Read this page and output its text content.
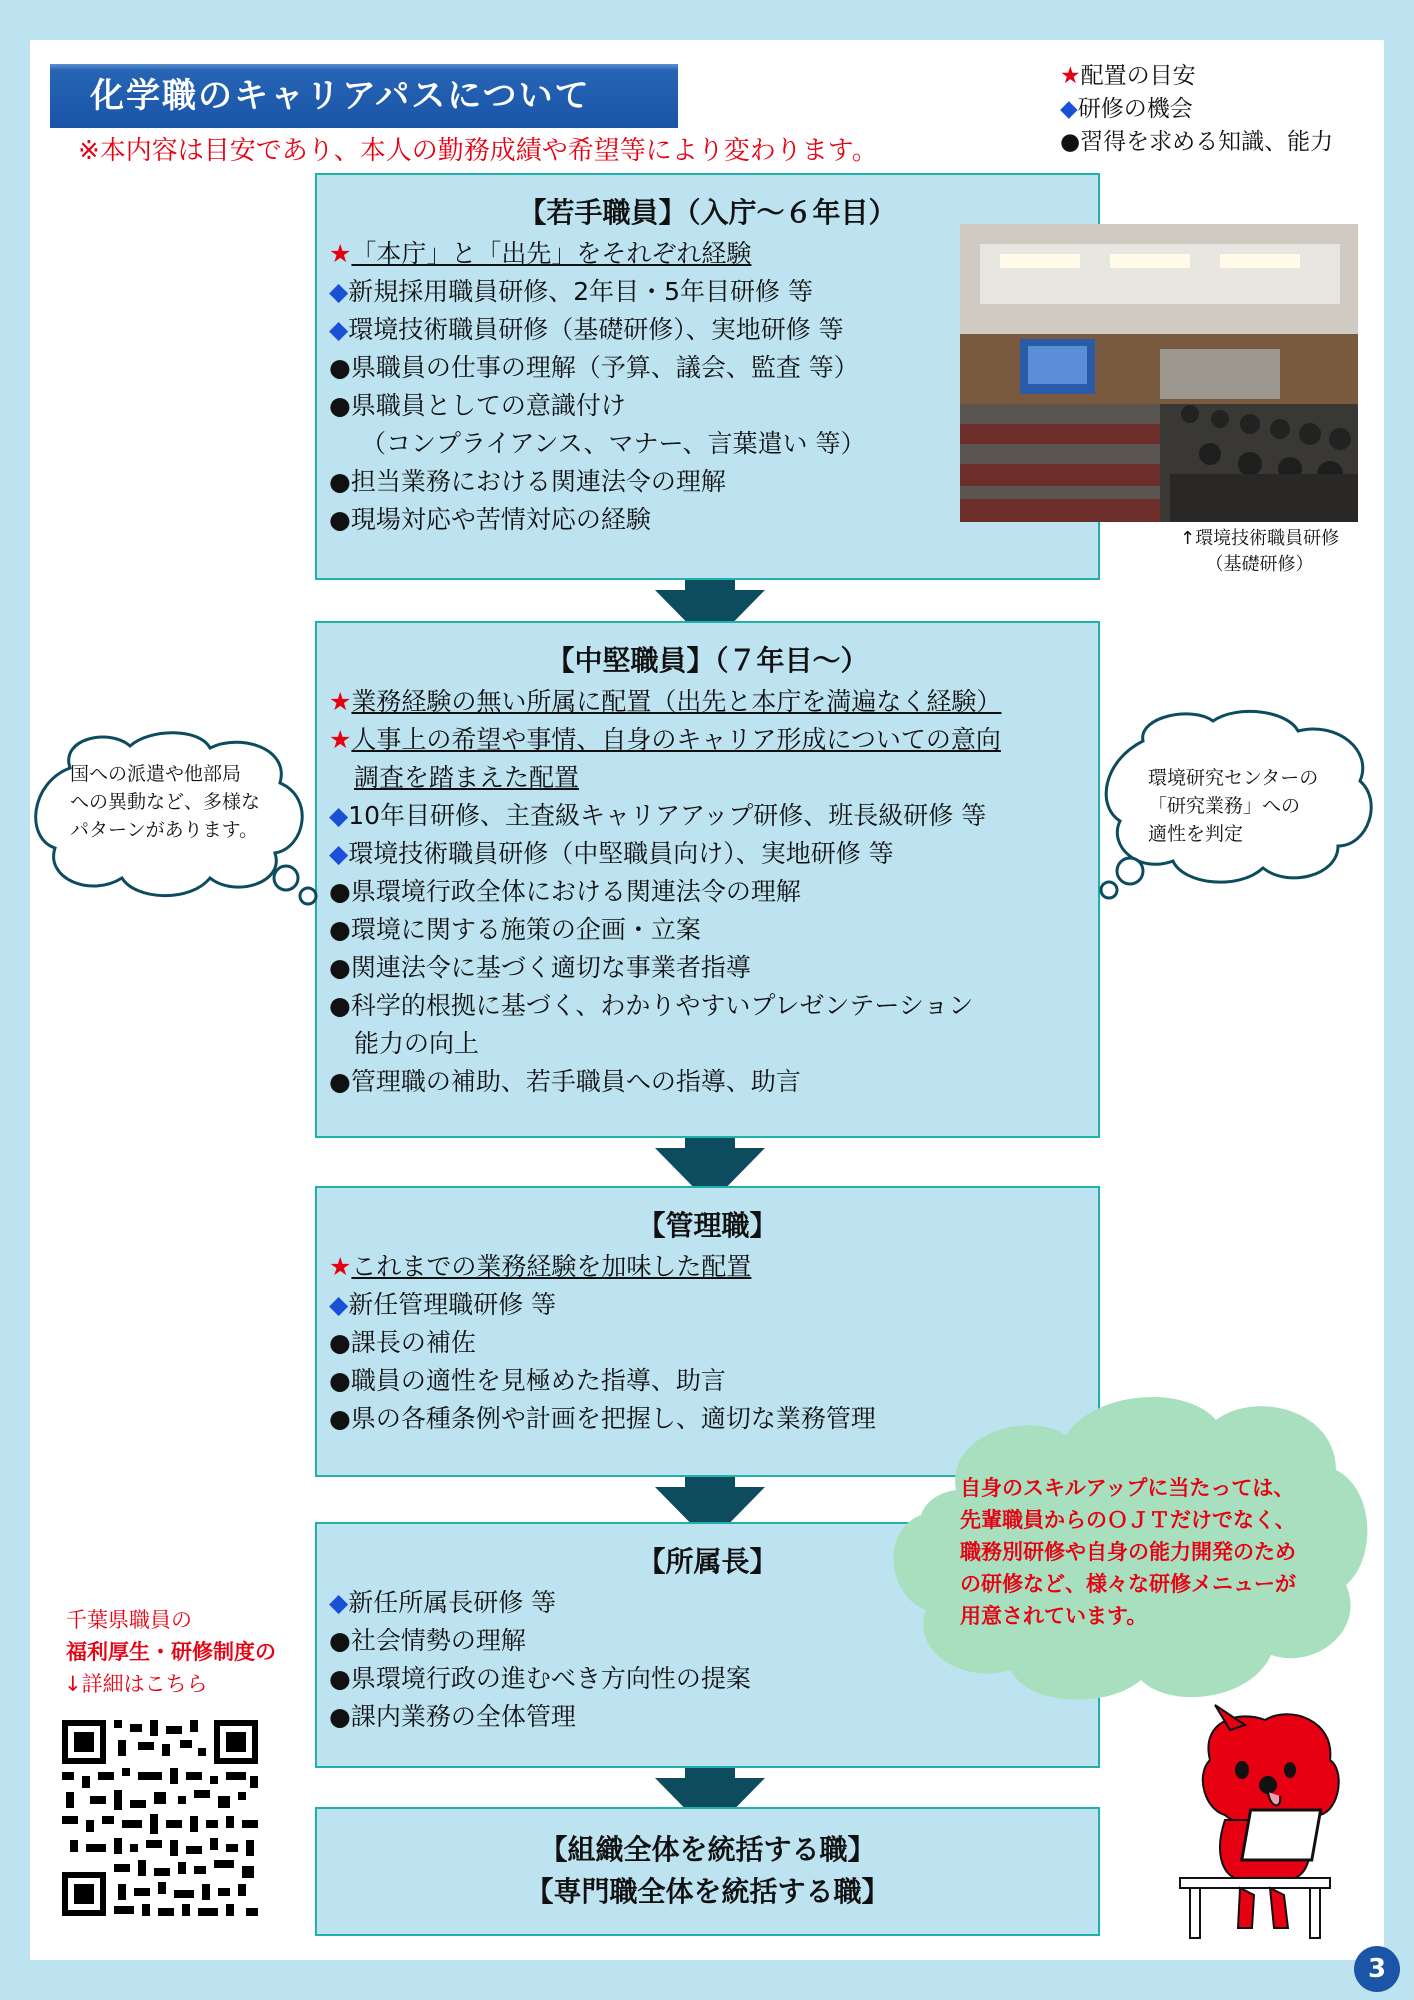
化学職のキャリアパスについて
※本内容は目安であり、本人の勤務成績や希望等により変わります。
★配置の目安
◆研修の機会
●習得を求める知識、能力
【若手職員】（入庁～６年目）
★「本庁」と「出先」をそれぞれ経験
◆新規採用職員研修、2年目・5年目研修 等
◆環境技術職員研修（基礎研修）、実地研修 等
●県職員の仕事の理解（予算、議会、監査 等）
●県職員としての意識付け
（コンプライアンス、マナー、言葉遣い 等）
●担当業務における関連法令の理解
●現場対応や苦情対応の経験
↑環境技術職員研修
（基礎研修）
【中堅職員】（７年目～）
★業務経験の無い所属に配置（出先と本庁を満遍なく経験）
★人事上の希望や事情、自身のキャリア形成についての意向
調査を踏まえた配置
◆10年目研修、主査級キャリアアップ研修、班長級研修 等
◆環境技術職員研修（中堅職員向け）、実地研修 等
●県環境行政全体における関連法令の理解
●環境に関する施策の企画・立案
●関連法令に基づく適切な事業者指導
●科学的根拠に基づく、わかりやすいプレゼンテーション
能力の向上
●管理職の補助、若手職員への指導、助言
国への派遣や他部局
への異動など、多様な
パターンがあります。
環境研究センターの
「研究業務」への
適性を判定
【管理職】
★これまでの業務経験を加味した配置
◆新任管理職研修 等
●課長の補佐
●職員の適性を見極めた指導、助言
●県の各種条例や計画を把握し、適切な業務管理
【所属長】
◆新任所属長研修 等
●社会情勢の理解
●県環境行政の進むべき方向性の提案
●課内業務の全体管理
自身のスキルアップに当たっては、
先輩職員からのＯＪＴだけでなく、
職務別研修や自身の能力開発のため
の研修など、様々な研修メニューが
用意されています。
【組織全体を統括する職】
【専門職全体を統括する職】
千葉県職員の
福利厚生・研修制度の
↓詳細はこちら
3
